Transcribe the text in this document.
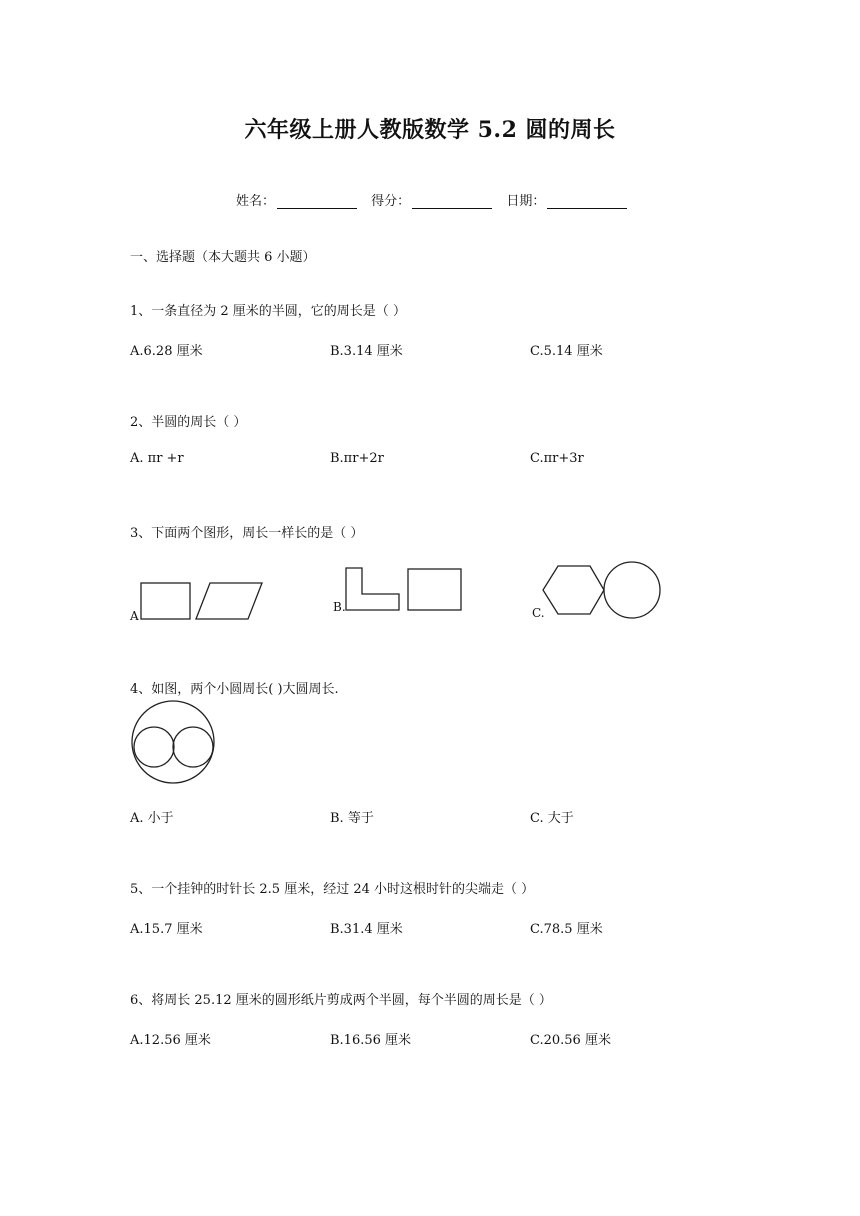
六年级上册人教版数学 5.2 圆的周长
姓名：	得分：	日期：
一、选择题（本大题共 6 小题）
1、一条直径为 2 厘米的半圆，它的周长是（ ）
A.6.28 厘米	B.3.14 厘米	C.5.14 厘米
2、半圆的周长（ ）
A. πr +r	B.πr+2r	C.πr+3r
3、下面两个图形，周长一样长的是（ ）
A
B.	C.
4、如图，两个小圆周长( )大圆周长.
A. 小于	B. 等于	C. 大于
5、一个挂钟的时针长 2.5 厘米，经过 24 小时这根时针的尖端走（ ）
A.15.7 厘米	B.31.4 厘米	C.78.5 厘米
6、将周长 25.12 厘米的圆形纸片剪成两个半圆，每个半圆的周长是（ ）
A.12.56 厘米	B.16.56 厘米	C.20.56 厘米
